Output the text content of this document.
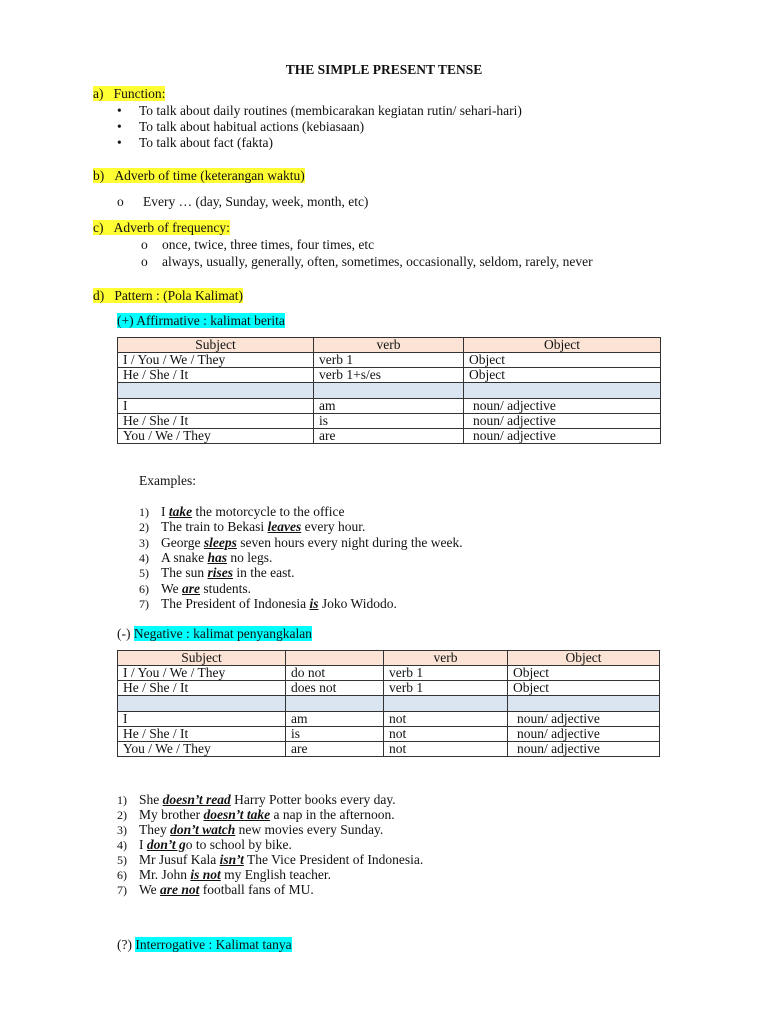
THE SIMPLE PRESENT TENSE
a) Function:
• To talk about daily routines (membicarakan kegiatan rutin/ sehari-hari)
• To talk about habitual actions (kebiasaan)
• To talk about fact (fakta)
b) Adverb of time (keterangan waktu)
o Every … (day, Sunday, week, month, etc)
c) Adverb of frequency:
o once, twice, three times, four times, etc
o always, usually, generally, often, sometimes, occasionally, seldom, rarely, never
d) Pattern : (Pola Kalimat)
(+) Affirmative : kalimat berita
Subject	verb	Object
I / You / We / They	verb 1	Object
He / She / It	verb 1+s/es	Object

I	am	noun/ adjective
He / She / It	is	noun/ adjective
You / We / They	are	noun/ adjective
Examples:
1) I take the motorcycle to the office
2) The train to Bekasi leaves every hour.
3) George sleeps seven hours every night during the week.
4) A snake has no legs.
5) The sun rises in the east.
6) We are students.
7) The President of Indonesia is Joko Widodo.
(-) Negative : kalimat penyangkalan
Subject		verb	Object
I / You / We / They	do not	verb 1	Object
He / She / It	does not	verb 1	Object

I	am	not	noun/ adjective
He / She / It	is	not	noun/ adjective
You / We / They	are	not	noun/ adjective
1) She doesn’t read Harry Potter books every day.
2) My brother doesn’t take a nap in the afternoon.
3) They don’t watch new movies every Sunday.
4) I don’t go to school by bike.
5) Mr Jusuf Kala isn’t The Vice President of Indonesia.
6) Mr. John is not my English teacher.
7) We are not football fans of MU.
(?) Interrogative : Kalimat tanya
